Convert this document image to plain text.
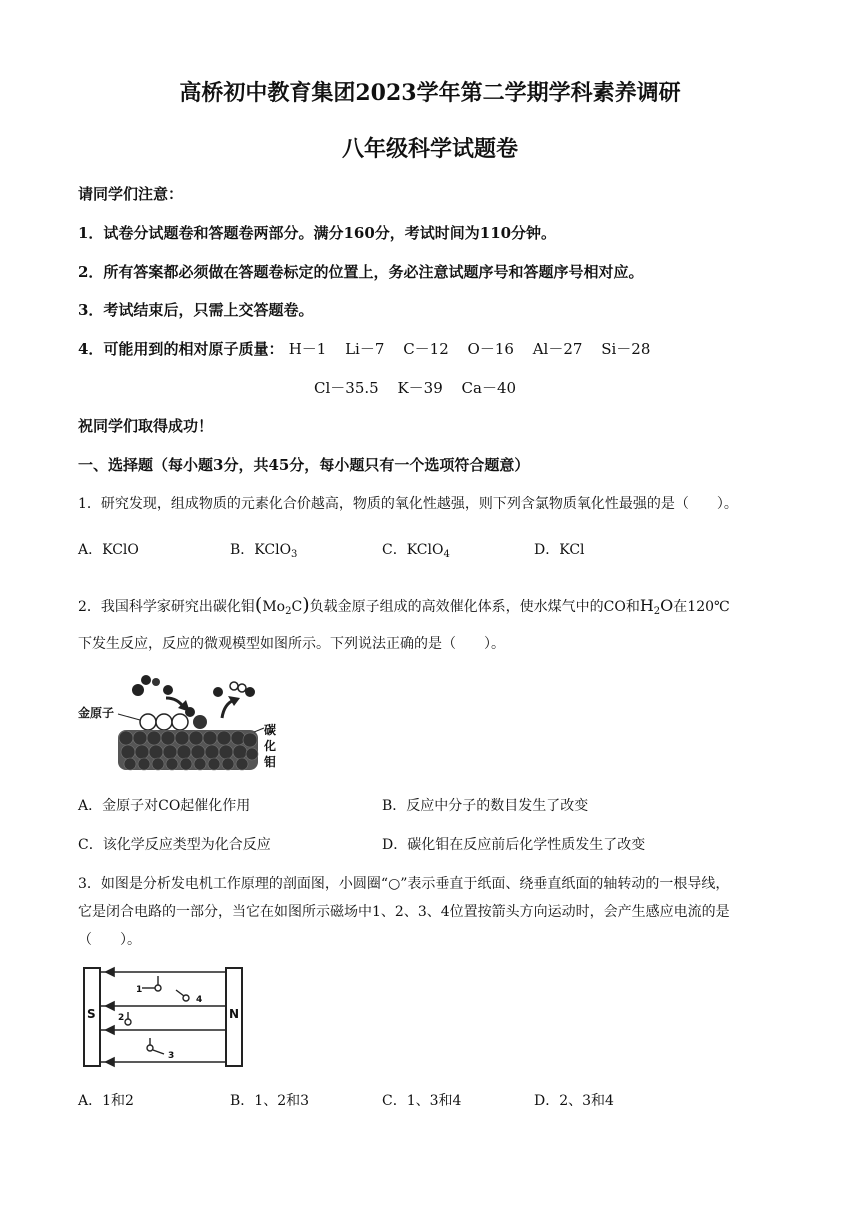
高桥初中教育集团2023学年第二学期学科素养调研
八年级科学试题卷
请同学们注意：
1．试卷分试题卷和答题卷两部分。满分160分，考试时间为110分钟。
2．所有答案都必须做在答题卷标定的位置上，务必注意试题序号和答题序号相对应。
3．考试结束后，只需上交答题卷。
4．可能用到的相对原子质量： H－1 Li－7 C－12 O－16 Al－27 Si－28
Cl－35.5 K－39 Ca－40
祝同学们取得成功！
一、选择题（每小题3分，共45分，每小题只有一个选项符合题意）
1．研究发现，组成物质的元素化合价越高，物质的氧化性越强，则下列含氯物质氧化性最强的是（　　）。
A．KClO	B．KClO$_3$	C．KClO$_4$	D．KCl
2．我国科学家研究出碳化钼$(Mo_2C)$负载金原子组成的高效催化体系，使水煤气中的CO和$H_2O$在120℃
下发生反应，反应的微观模型如图所示。下列说法正确的是（　　）。
金原子
碳
化
钼
A．金原子对CO起催化作用	B．反应中分子的数目发生了改变
C．该化学反应类型为化合反应	D．碳化钼在反应前后化学性质发生了改变
3．如图是分析发电机工作原理的剖面图，小圆圈“○”表示垂直于纸面、绕垂直纸面的轴转动的一根导线，
它是闭合电路的一部分，当它在如图所示磁场中1、2、3、4位置按箭头方向运动时，会产生感应电流的是
（　　）。
S	N
1
2
3
4
A．1和2	B．1、2和3	C．1、3和4	D．2、3和4
